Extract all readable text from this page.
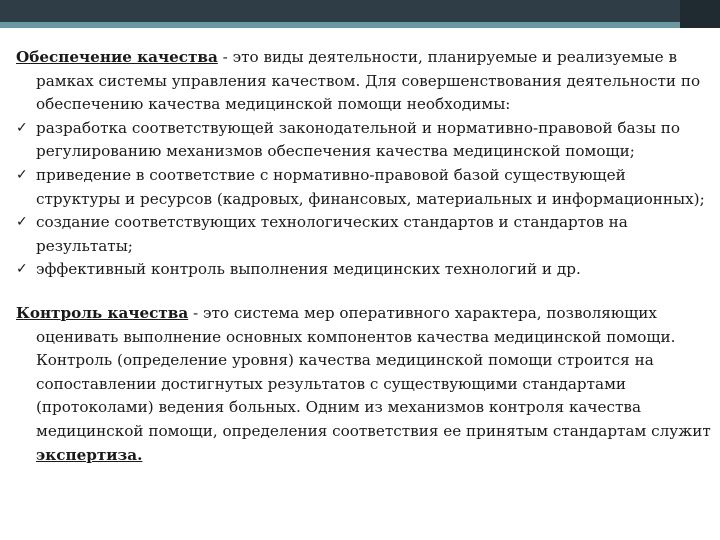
Обеспечение качества - это виды деятельности, планируемые и реализуемые в рамках системы управления качеством. Для совершенствования деятельности по обеспечению качества медицинской помощи необходимы:

✓ разработка соответствующей законодательной и нормативно-правовой базы по регулированию механизмов обеспечения качества медицинской помощи;
✓ приведение в соответствие с нормативно-правовой базой существующей структуры и ресурсов (кадровых, финансовых, материальных и информационных);
✓ создание соответствующих технологических стандартов и стандартов на результаты;
✓ эффективный контроль выполнения медицинских технологий и др.

Контроль качества - это система мер оперативного характера, позволяющих оценивать выполнение основных компонентов качества медицинской помощи. Контроль (определение уровня) качества медицинской помощи строится на сопоставлении достигнутых результатов с существующими стандартами (протоколами) ведения больных. Одним из механизмов контроля качества медицинской помощи, определения соответствия ее принятым стандартам служит экспертиза.
